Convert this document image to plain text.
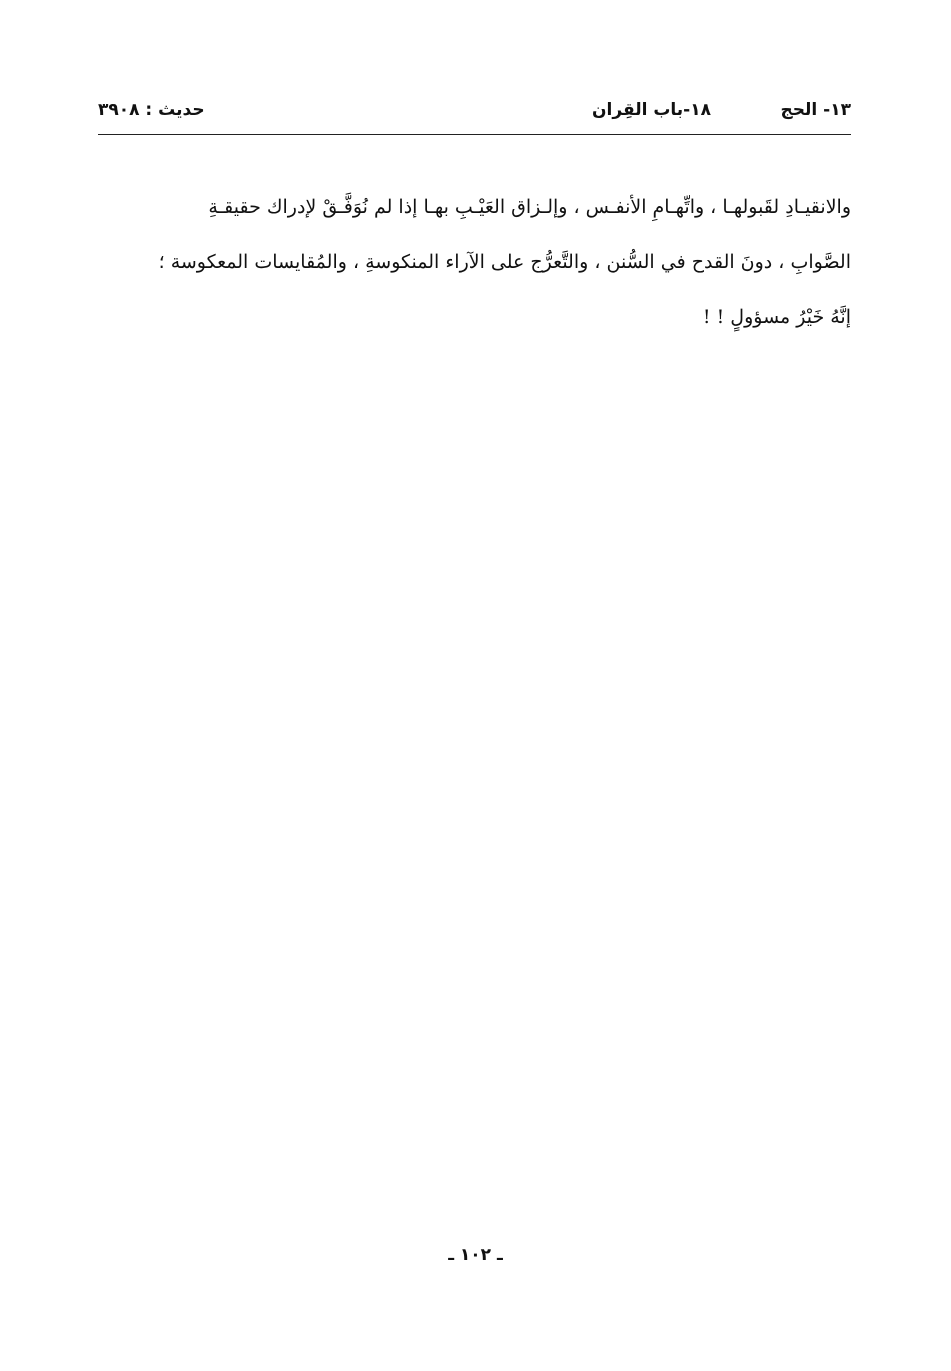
١٣- الحج
١٨-باب القِران
حديث : ٣٩٠٨

والانقيـادِ لقَبولهـا ، واتِّهـامِ الأنفـس ، وإلـزاق العَيْـبِ بهـا إذا لم نُوَفَّـقْ لإدراك حقيقـةِ

الصَّوابِ ، دونَ القدح في السُّنن ، والتَّعرُّج على الآراء المنكوسةِ ، والمُقايسات المعكوسة ؛

إنَّهُ خَيْرُ مسؤولٍ ! !

ـ ١٠٢ ـ
